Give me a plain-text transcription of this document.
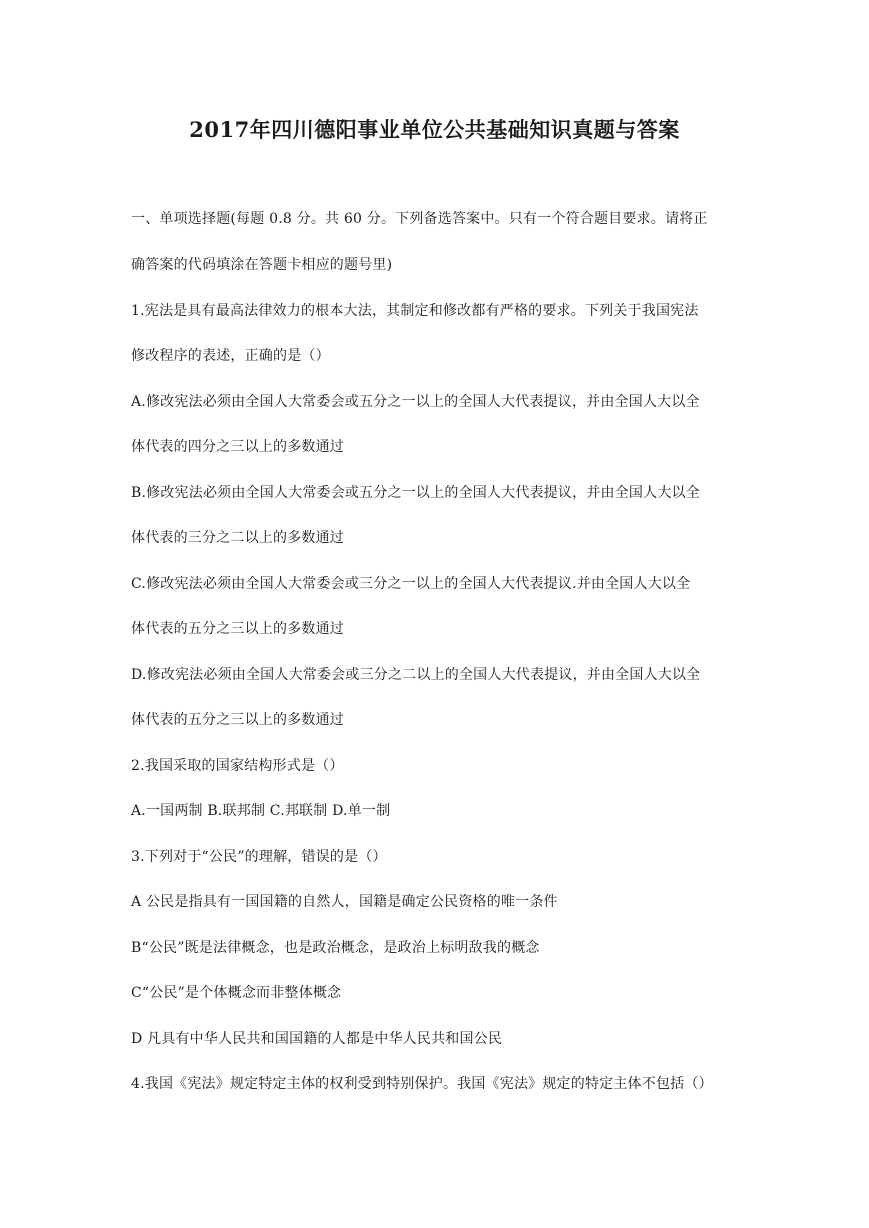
2017年四川德阳事业单位公共基础知识真题与答案
一、单项选择题(每题 0.8 分。共 60 分。下列备选答案中。只有一个符合题目要求。请将正
确答案的代码填涂在答题卡相应的题号里)
1.宪法是具有最高法律效力的根本大法，其制定和修改都有严格的要求。下列关于我国宪法
修改程序的表述，正确的是（）
A.修改宪法必须由全国人大常委会或五分之一以上的全国人大代表提议，并由全国人大以全
体代表的四分之三以上的多数通过
B.修改宪法必须由全国人大常委会或五分之一以上的全国人大代表提议，并由全国人大以全
体代表的三分之二以上的多数通过
C.修改宪法必须由全国人大常委会或三分之一以上的全国人大代表提议.并由全国人大以全
体代表的五分之三以上的多数通过
D.修改宪法必须由全国人大常委会或三分之二以上的全国人大代表提议，并由全国人大以全
体代表的五分之三以上的多数通过
2.我国采取的国家结构形式是（）
A.一国两制 B.联邦制 C.邦联制 D.单一制
3.下列对于“公民”的理解，错误的是（）
A 公民是指具有一国国籍的自然人，国籍是确定公民资格的唯一条件
B“公民”既是法律概念，也是政治概念，是政治上标明敌我的概念
C“公民”是个体概念而非整体概念
D 凡具有中华人民共和国国籍的人都是中华人民共和国公民
4.我国《宪法》规定特定主体的权利受到特别保护。我国《宪法》规定的特定主体不包括（）
